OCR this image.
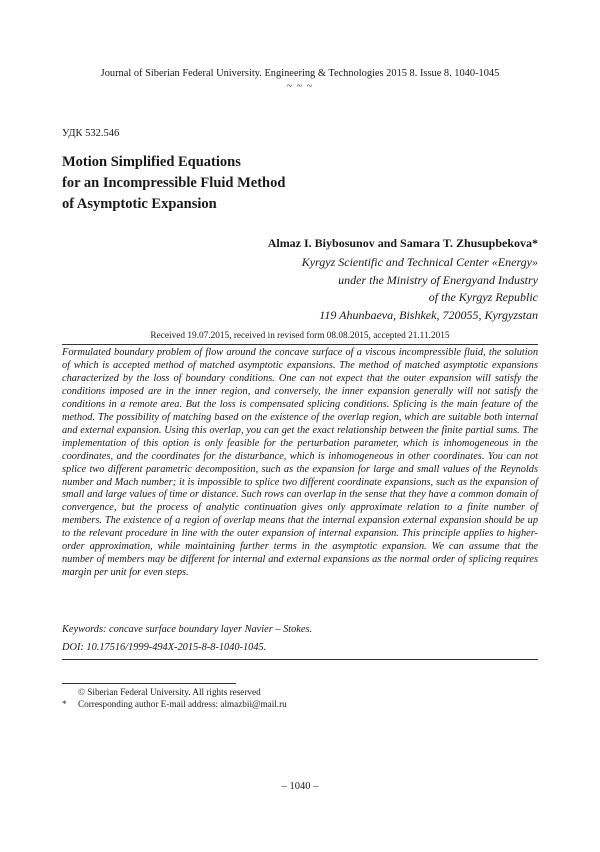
Journal of Siberian Federal University. Engineering & Technologies 2015 8. Issue 8. 1040-1045
~ ~ ~
УДК 532.546
Motion Simplified Equations
for an Incompressible Fluid Method
of Asymptotic Expansion
Almaz I. Biybosunov and Samara T. Zhusupbekova*
Kyrgyz Scientific and Technical Center «Energy»
under the Ministry of Energyand Industry
of the Kyrgyz Republic
119 Ahunbaeva, Bishkek, 720055, Kyrgyzstan
Received 19.07.2015, received in revised form 08.08.2015, accepted 21.11.2015

Formulated boundary problem of flow around the concave surface of a viscous incompressible fluid, the solution of which is accepted method of matched asymptotic expansions. The method of matched asymptotic expansions characterized by the loss of boundary conditions. One can not expect that the outer expansion will satisfy the conditions imposed are in the inner region, and conversely, the inner expansion generally will not satisfy the conditions in a remote area. But the loss is compensated splicing conditions. Splicing is the main feature of the method. The possibility of matching based on the existence of the overlap region, which are suitable both internal and external expansion. Using this overlap, you can get the exact relationship between the finite partial sums. The implementation of this option is only feasible for the perturbation parameter, which is inhomogeneous in the coordinates, and the coordinates for the disturbance, which is inhomogeneous in other coordinates. You can not splice two different parametric decomposition, such as the expansion for large and small values of the Reynolds number and Mach number; it is impossible to splice two different coordinate expansions, such as the expansion of small and large values of time or distance. Such rows can overlap in the sense that they have a common domain of convergence, but the process of analytic continuation gives only approximate relation to a finite number of members. The existence of a region of overlap means that the internal expansion external expansion should be up to the relevant procedure in line with the outer expansion of internal expansion. This principle applies to higher-order approximation, while maintaining further terms in the asymptotic expansion. We can assume that the number of members may be different for internal and external expansions as the normal order of splicing requires margin per unit for even steps.

Keywords: concave surface boundary layer Navier – Stokes.
DOI: 10.17516/1999-494X-2015-8-8-1040-1045.
© Siberian Federal University. All rights reserved
* Corresponding author E-mail address: almazbii@mail.ru
– 1040 –
